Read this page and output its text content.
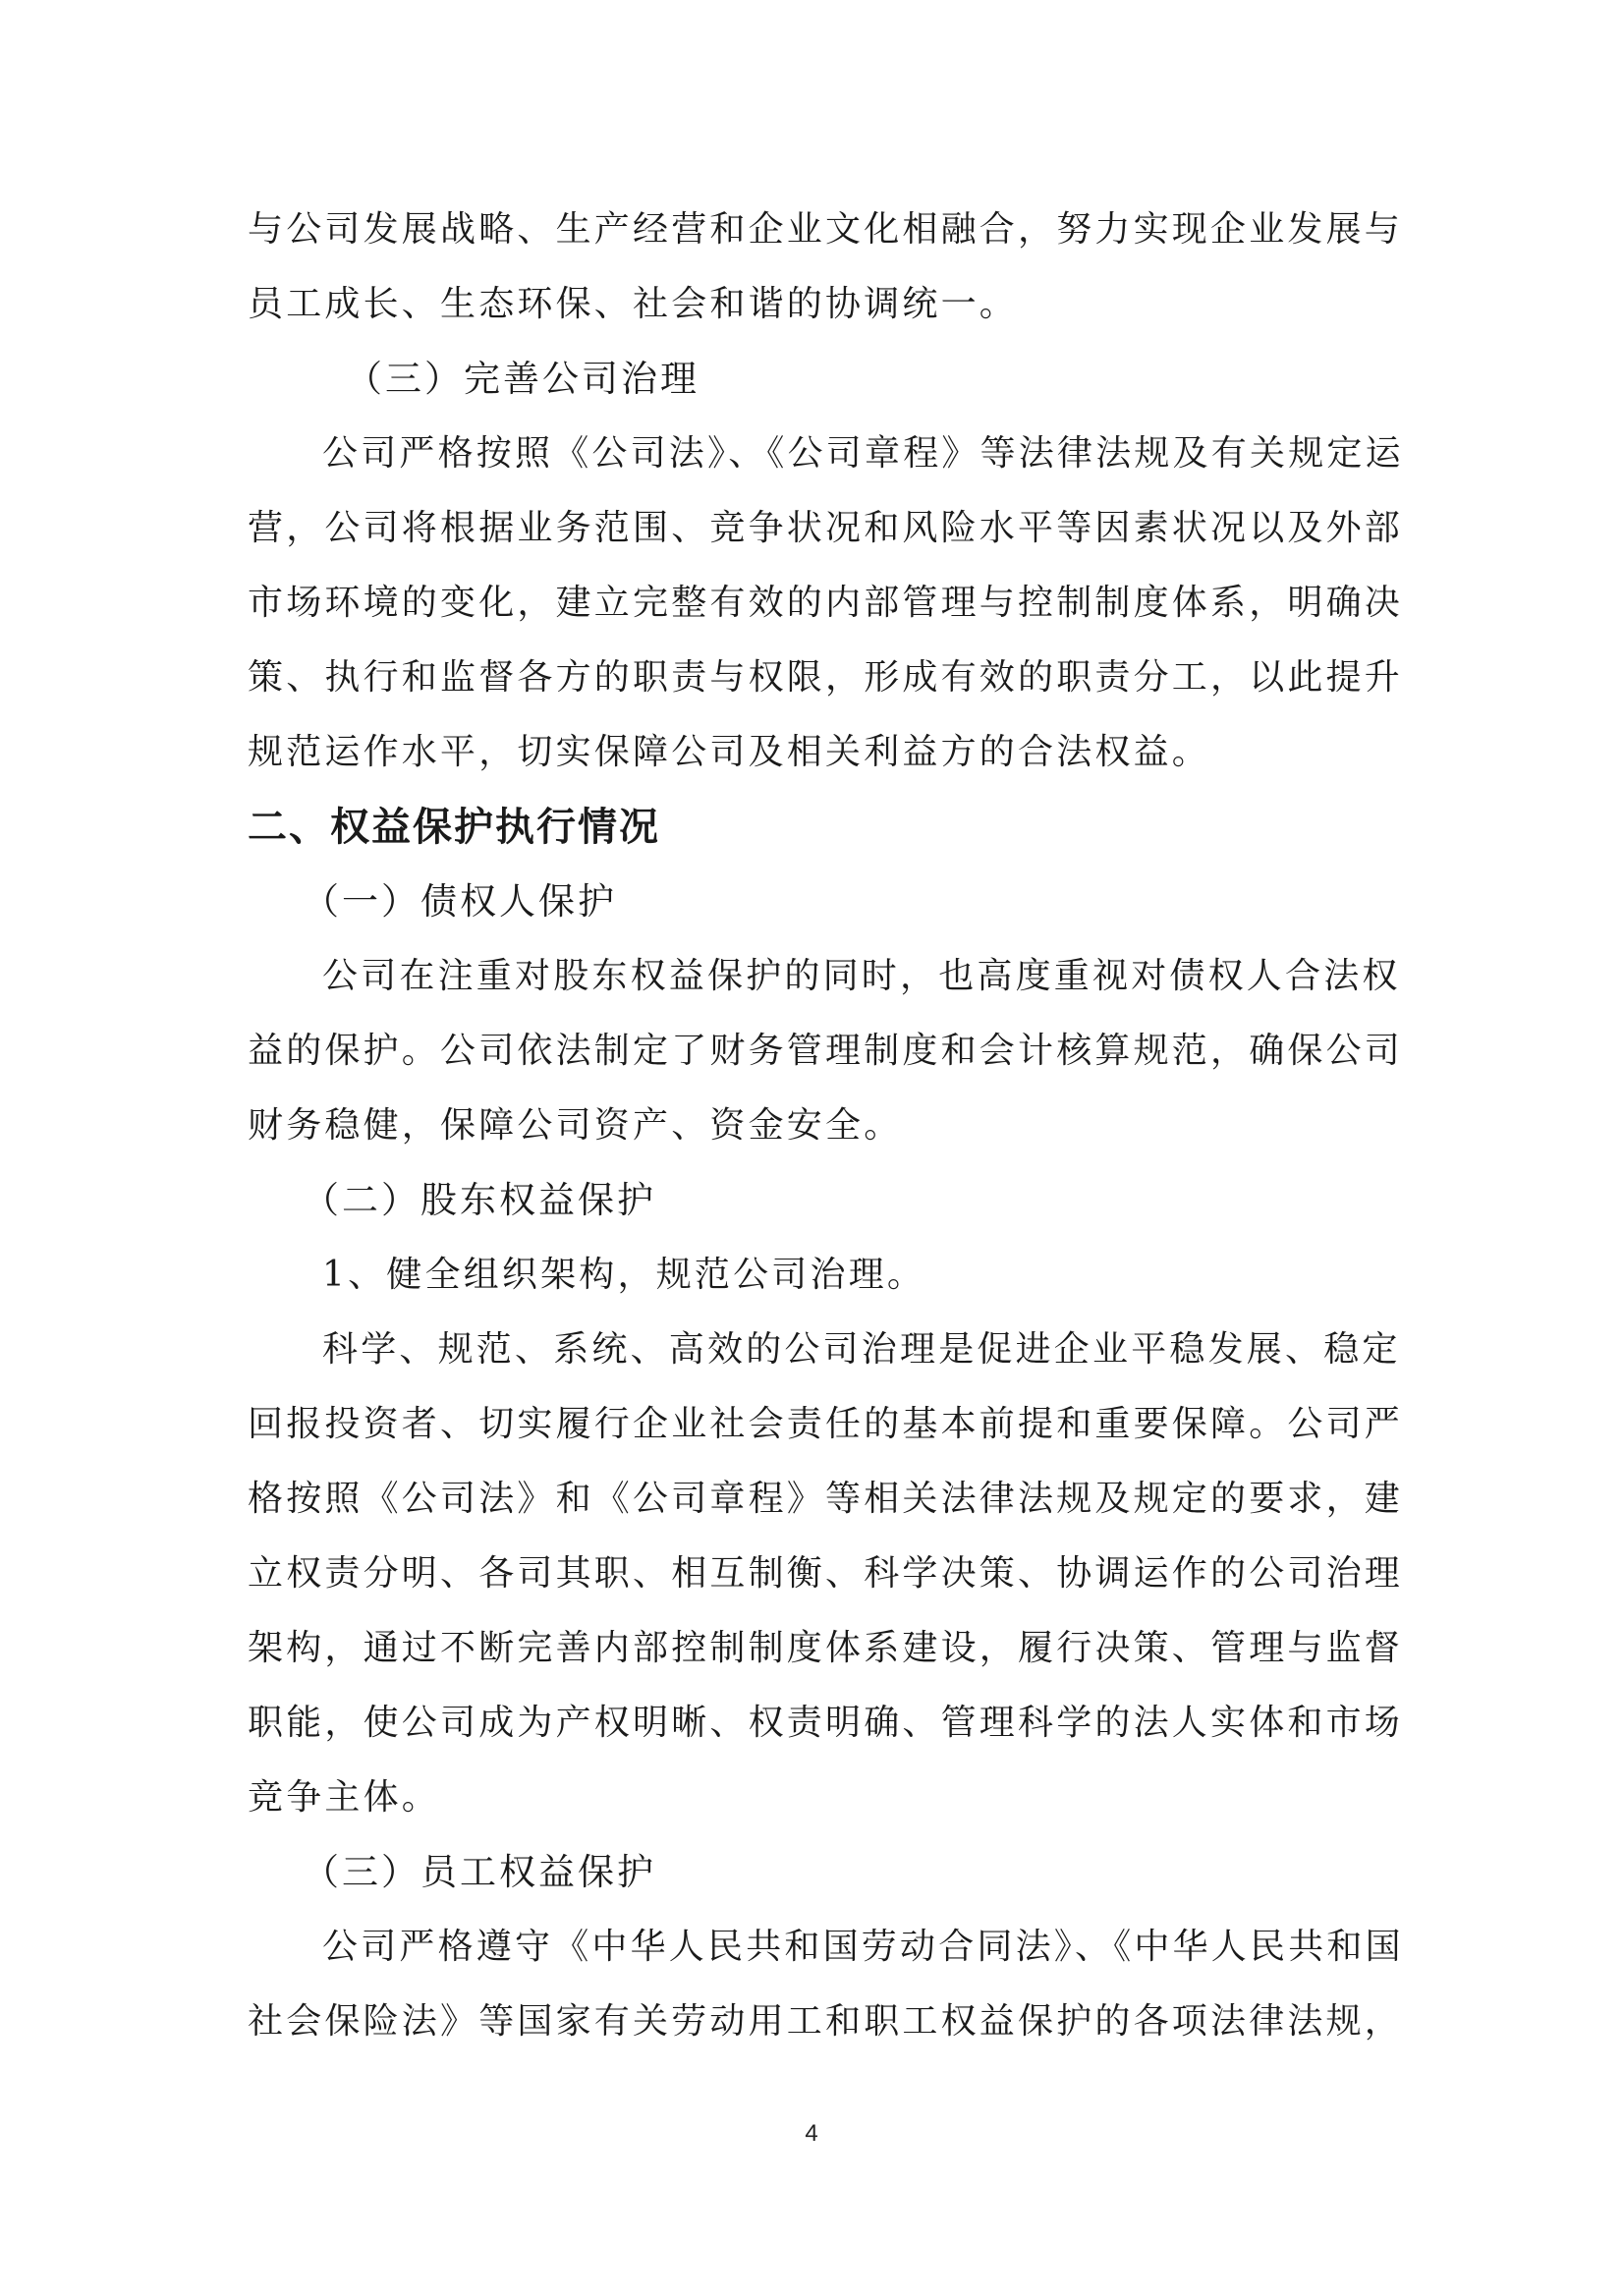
与公司发展战略、生产经营和企业文化相融合，努力实现企业发展与

员工成长、生态环保、社会和谐的协调统一。

（三）完善公司治理

公司严格按照《公司法》、《公司章程》等法律法规及有关规定运

营，公司将根据业务范围、竞争状况和风险水平等因素状况以及外部

市场环境的变化，建立完整有效的内部管理与控制制度体系，明确决

策、执行和监督各方的职责与权限，形成有效的职责分工，以此提升

规范运作水平，切实保障公司及相关利益方的合法权益。

二、权益保护执行情况

（一）债权人保护

公司在注重对股东权益保护的同时，也高度重视对债权人合法权

益的保护。公司依法制定了财务管理制度和会计核算规范，确保公司

财务稳健，保障公司资产、资金安全。

（二）股东权益保护

1、健全组织架构，规范公司治理。

科学、规范、系统、高效的公司治理是促进企业平稳发展、稳定

回报投资者、切实履行企业社会责任的基本前提和重要保障。公司严

格按照《公司法》和《公司章程》等相关法律法规及规定的要求，建

立权责分明、各司其职、相互制衡、科学决策、协调运作的公司治理

架构，通过不断完善内部控制制度体系建设，履行决策、管理与监督

职能，使公司成为产权明晰、权责明确、管理科学的法人实体和市场

竞争主体。

（三）员工权益保护

公司严格遵守《中华人民共和国劳动合同法》、《中华人民共和国

社会保险法》等国家有关劳动用工和职工权益保护的各项法律法规，

4
